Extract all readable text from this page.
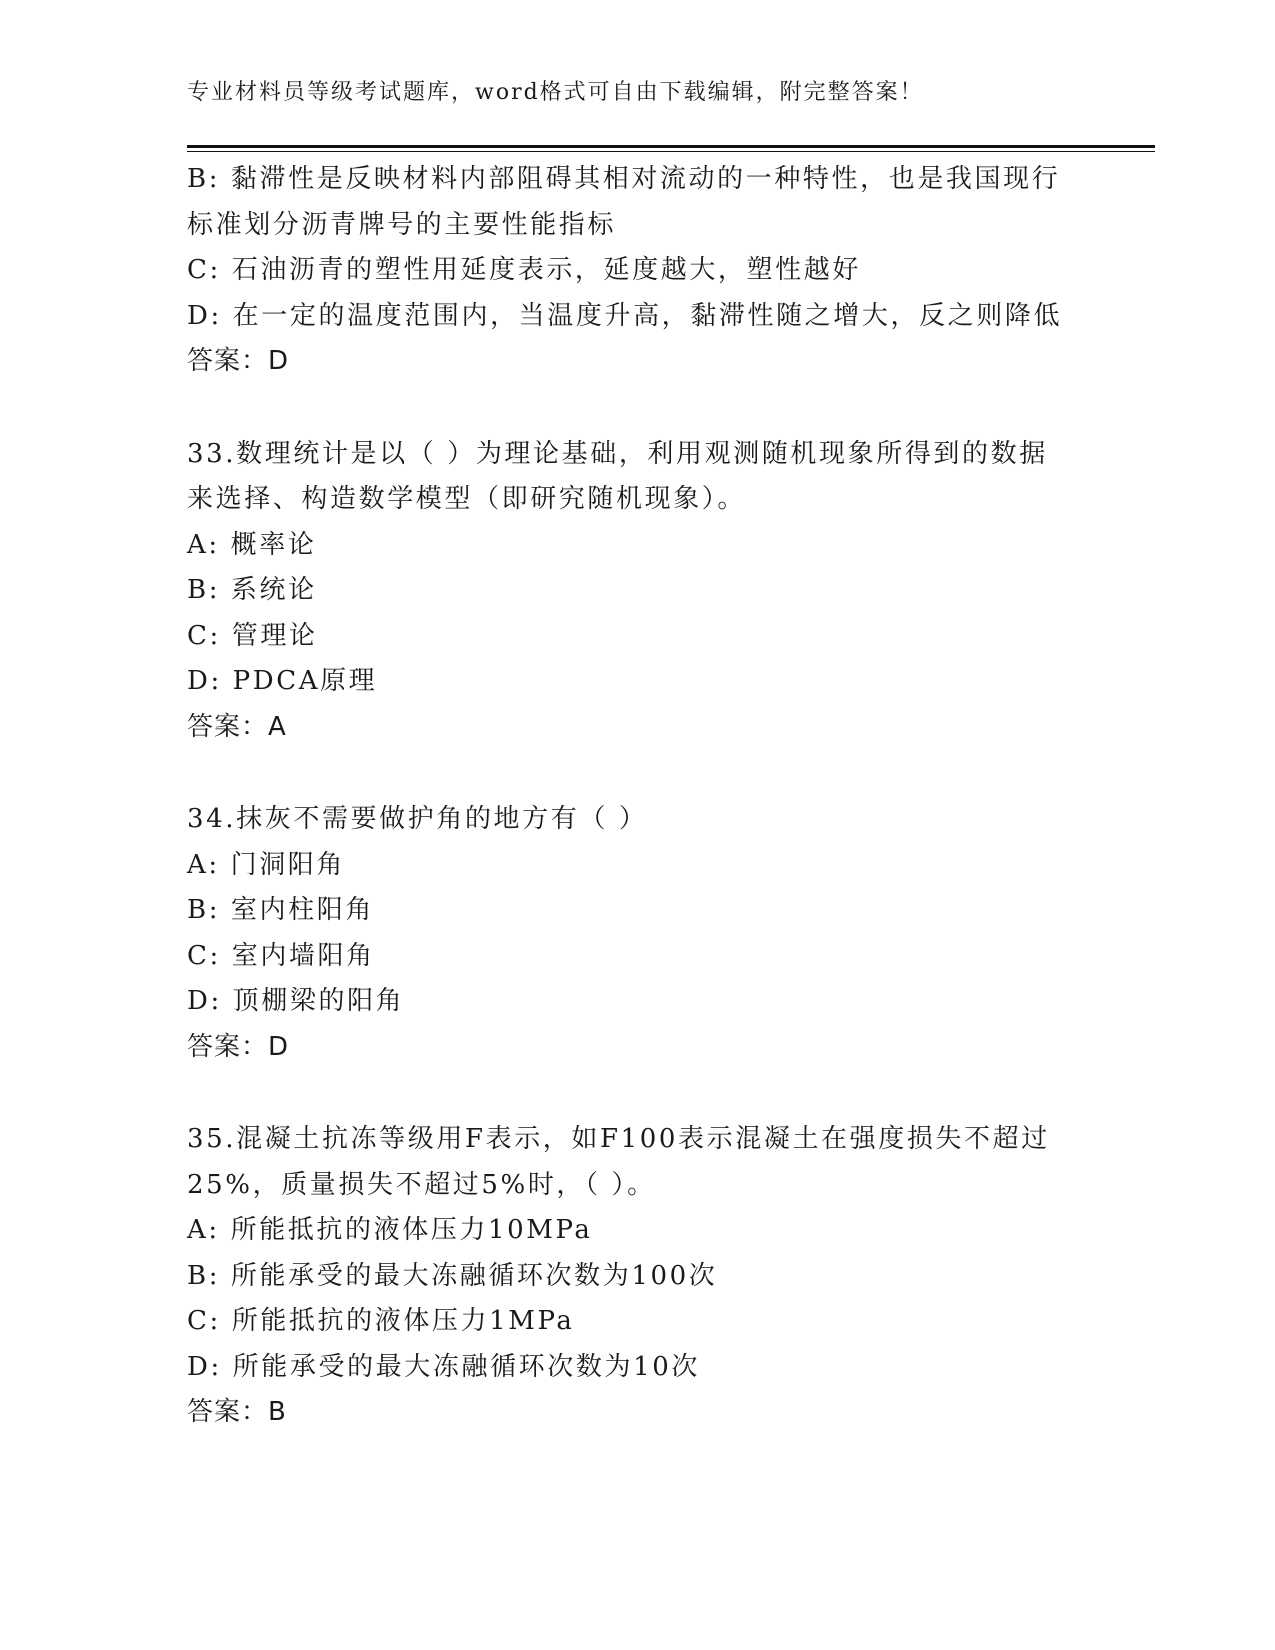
专业材料员等级考试题库，word格式可自由下载编辑，附完整答案！
B: 黏滞性是反映材料内部阻碍其相对流动的一种特性，也是我国现行
标准划分沥青牌号的主要性能指标
C: 石油沥青的塑性用延度表示，延度越大，塑性越好
D: 在一定的温度范围内，当温度升高，黏滞性随之增大，反之则降低
答案：D
33.数理统计是以（ ）为理论基础，利用观测随机现象所得到的数据
来选择、构造数学模型（即研究随机现象）。
A: 概率论
B: 系统论
C: 管理论
D: PDCA原理
答案：A
34.抹灰不需要做护角的地方有（ ）
A: 门洞阳角
B: 室内柱阳角
C: 室内墙阳角
D: 顶棚梁的阳角
答案：D
35.混凝土抗冻等级用F表示，如F100表示混凝土在强度损失不超过
25%，质量损失不超过5%时，（ ）。
A: 所能抵抗的液体压力10MPa
B: 所能承受的最大冻融循环次数为100次
C: 所能抵抗的液体压力1MPa
D: 所能承受的最大冻融循环次数为10次
答案：B
